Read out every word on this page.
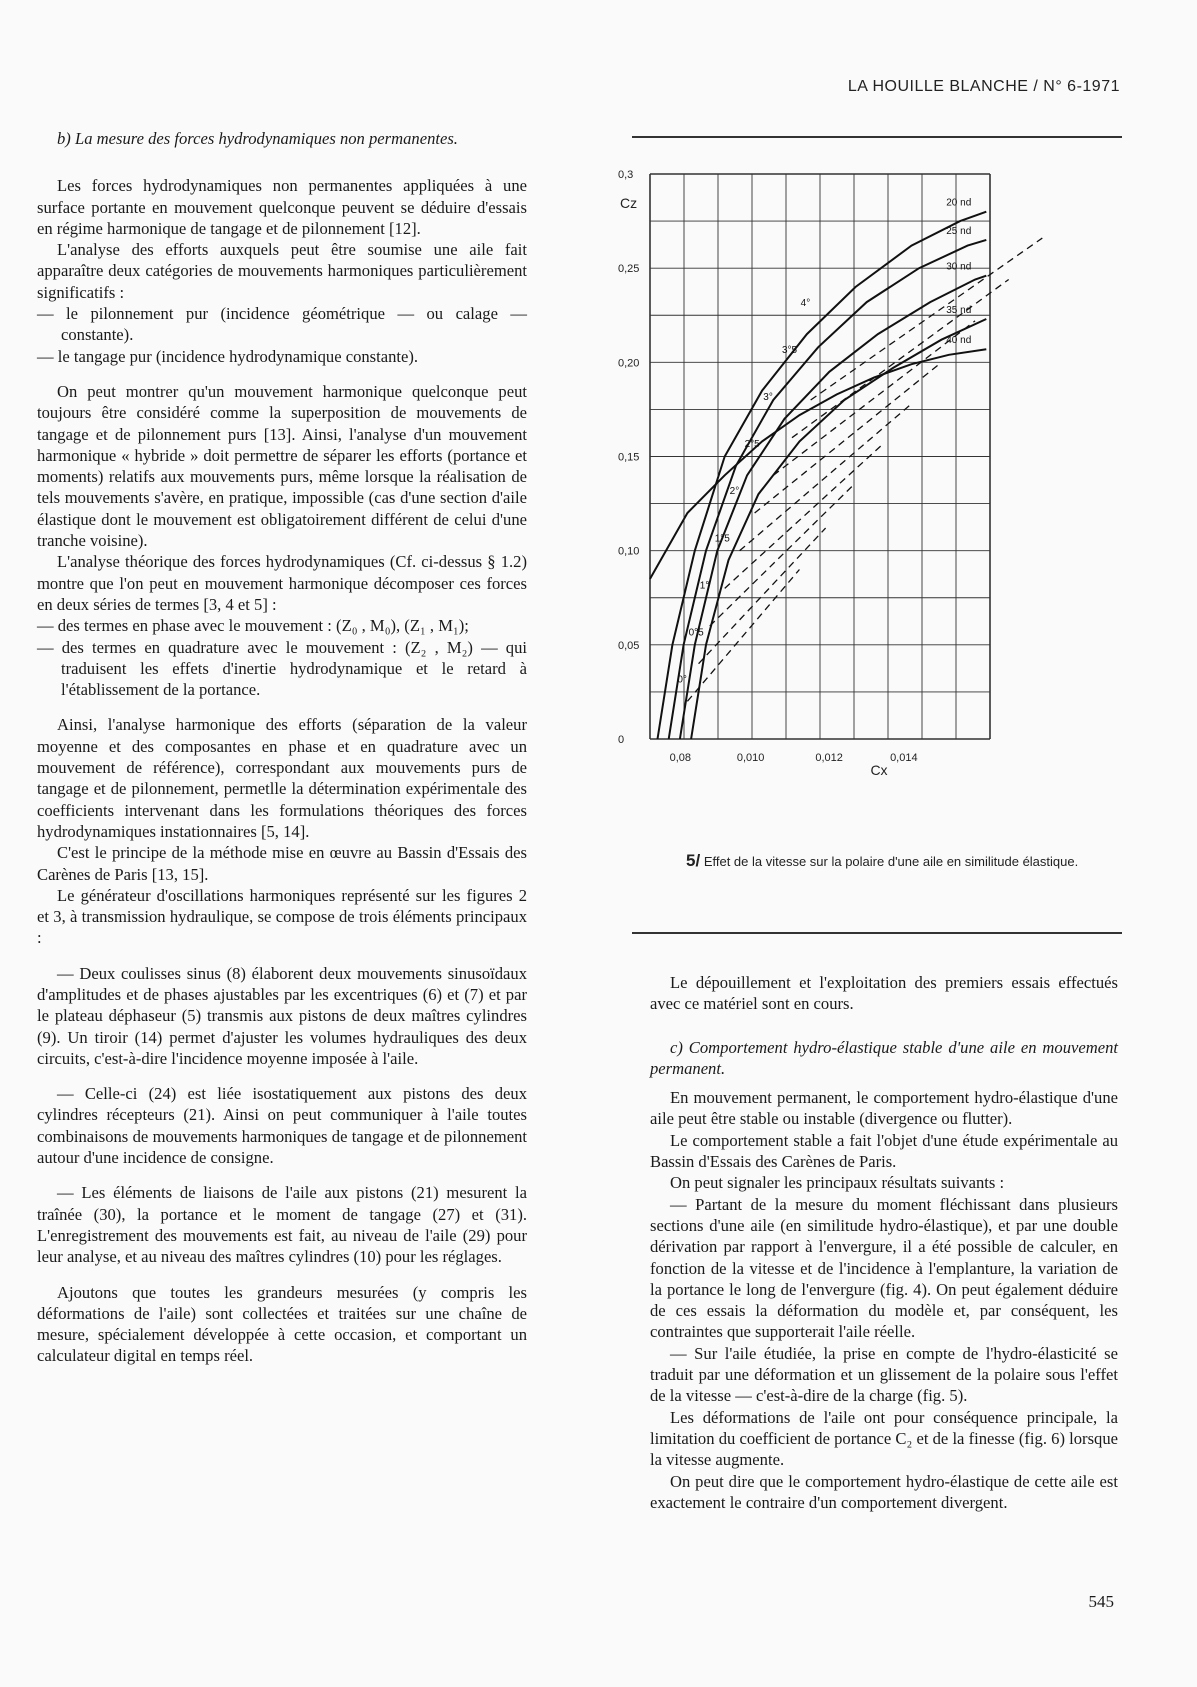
LA HOUILLE BLANCHE / N° 6-1971

b) La mesure des forces hydrodynamiques non permanentes.

Les forces hydrodynamiques non permanentes appliquées à une surface portante en mouvement quelconque peuvent se déduire d'essais en régime harmonique de tangage et de pilonnement [12].

L'analyse des efforts auxquels peut être soumise une aile fait apparaître deux catégories de mouvements harmoniques particulièrement significatifs :

— le pilonnement pur (incidence géométrique — ou calage — constante).

— le tangage pur (incidence hydrodynamique constante).

On peut montrer qu'un mouvement harmonique quelconque peut toujours être considéré comme la superposition de mouvements de tangage et de pilonnement purs [13]. Ainsi, l'analyse d'un mouvement harmonique « hybride » doit permettre de séparer les efforts (portance et moments) relatifs aux mouvements purs, même lorsque la réalisation de tels mouvements s'avère, en pratique, impossible (cas d'une section d'aile élastique dont le mouvement est obligatoirement différent de celui d'une tranche voisine).

L'analyse théorique des forces hydrodynamiques (Cf. ci-dessus § 1.2) montre que l'on peut en mouvement harmonique décomposer ces forces en deux séries de termes [3, 4 et 5] :

— des termes en phase avec le mouvement : (Z₀ , M₀), (Z₁ , M₁);

— des termes en quadrature avec le mouvement : (Z₂ , M₂) — qui traduisent les effets d'inertie hydrodynamique et le retard à l'établissement de la portance.

Ainsi, l'analyse harmonique des efforts (séparation de la valeur moyenne et des composantes en phase et en quadrature avec un mouvement de référence), correspondant aux mouvements purs de tangage et de pilonnement, permetlle la détermination expérimentale des coefficients intervenant dans les formulations théoriques des forces hydrodynamiques instationnaires [5, 14].

C'est le principe de la méthode mise en œuvre au Bassin d'Essais des Carènes de Paris [13, 15].

Le générateur d'oscillations harmoniques représenté sur les figures 2 et 3, à transmission hydraulique, se compose de trois éléments principaux :

— Deux coulisses sinus (8) élaborent deux mouvements sinusoïdaux d'amplitudes et de phases ajustables par les excentriques (6) et (7) et par le plateau déphaseur (5) transmis aux pistons de deux maîtres cylindres (9). Un tiroir (14) permet d'ajuster les volumes hydrauliques des deux circuits, c'est-à-dire l'incidence moyenne imposée à l'aile.

— Celle-ci (24) est liée isostatiquement aux pistons des deux cylindres récepteurs (21). Ainsi on peut communiquer à l'aile toutes combinaisons de mouvements harmoniques de tangage et de pilonnement autour d'une incidence de consigne.

— Les éléments de liaisons de l'aile aux pistons (21) mesurent la traînée (30), la portance et le moment de tangage (27) et (31). L'enregistrement des mouvements est fait, au niveau de l'aile (29) pour leur analyse, et au niveau des maîtres cylindres (10) pour les réglages.

Ajoutons que toutes les grandeurs mesurées (y compris les déformations de l'aile) sont collectées et traitées sur une chaîne de mesure, spécialement développée à cette occasion, et comportant un calculateur digital en temps réel.

0
0,05
0,10
0,15
0,20
0,25
0,3
0,08	0,010	0,012	0,014
Cz
Cx
20 nd
25 nd
30 nd
35 nd
40 nd
0°
0°5
1°
1°5
2°
2°5
3°
3°5
4°
5/ Effet de la vitesse sur la polaire d'une aile en similitude élastique.

Le dépouillement et l'exploitation des premiers essais effectués avec ce matériel sont en cours.

c) Comportement hydro-élastique stable d'une aile en mouvement permanent.

En mouvement permanent, le comportement hydro-élastique d'une aile peut être stable ou instable (divergence ou flutter).

Le comportement stable a fait l'objet d'une étude expérimentale au Bassin d'Essais des Carènes de Paris.

On peut signaler les principaux résultats suivants :

— Partant de la mesure du moment fléchissant dans plusieurs sections d'une aile (en similitude hydro-élastique), et par une double dérivation par rapport à l'envergure, il a été possible de calculer, en fonction de la vitesse et de l'incidence à l'emplanture, la variation de la portance le long de l'envergure (fig. 4). On peut également déduire de ces essais la déformation du modèle et, par conséquent, les contraintes que supporterait l'aile réelle.

— Sur l'aile étudiée, la prise en compte de l'hydro-élasticité se traduit par une déformation et un glissement de la polaire sous l'effet de la vitesse — c'est-à-dire de la charge (fig. 5).

Les déformations de l'aile ont pour conséquence principale, la limitation du coefficient de portance C₂ et de la finesse (fig. 6) lorsque la vitesse augmente.

On peut dire que le comportement hydro-élastique de cette aile est exactement le contraire d'un comportement divergent.

545
